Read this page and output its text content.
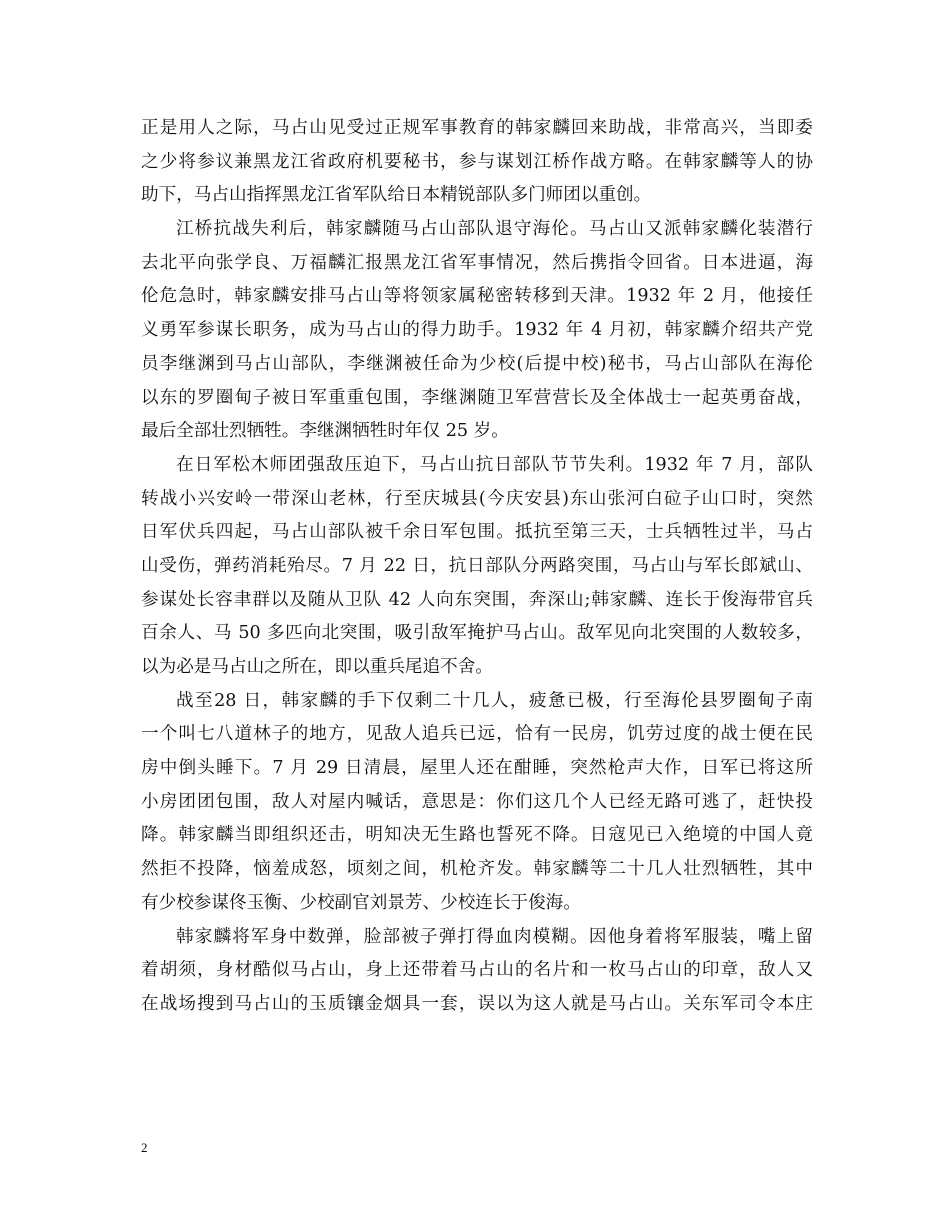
正是用人之际，马占山见受过正规军事教育的韩家麟回来助战，非常高兴，当即委
之少将参议兼黑龙江省政府机要秘书，参与谋划江桥作战方略。在韩家麟等人的协
助下，马占山指挥黑龙江省军队给日本精锐部队多门师团以重创。
江桥抗战失利后，韩家麟随马占山部队退守海伦。马占山又派韩家麟化装潜行
去北平向张学良、万福麟汇报黑龙江省军事情况，然后携指令回省。日本进逼，海
伦危急时，韩家麟安排马占山等将领家属秘密转移到天津。1932 年 2 月，他接任
义勇军参谋长职务，成为马占山的得力助手。1932 年 4 月初，韩家麟介绍共产党
员李继渊到马占山部队，李继渊被任命为少校(后提中校)秘书，马占山部队在海伦
以东的罗圈甸子被日军重重包围，李继渊随卫军营营长及全体战士一起英勇奋战，
最后全部壮烈牺牲。李继渊牺牲时年仅 25 岁。
在日军松木师团强敌压迫下，马占山抗日部队节节失利。1932 年 7 月，部队
转战小兴安岭一带深山老林，行至庆城县(今庆安县)东山张河白砬子山口时，突然
日军伏兵四起，马占山部队被千余日军包围。抵抗至第三天，士兵牺牲过半，马占
山受伤，弹药消耗殆尽。7 月 22 日，抗日部队分两路突围，马占山与军长郎斌山、
参谋处长容聿群以及随从卫队 42 人向东突围，奔深山;韩家麟、连长于俊海带官兵
百余人、马 50 多匹向北突围，吸引敌军掩护马占山。敌军见向北突围的人数较多，
以为必是马占山之所在，即以重兵尾追不舍。
战至28 日，韩家麟的手下仅剩二十几人，疲惫已极，行至海伦县罗圈甸子南
一个叫七八道林子的地方，见敌人追兵已远，恰有一民房，饥劳过度的战士便在民
房中倒头睡下。7 月 29 日清晨，屋里人还在酣睡，突然枪声大作，日军已将这所
小房团团包围，敌人对屋内喊话，意思是：你们这几个人已经无路可逃了，赶快投
降。韩家麟当即组织还击，明知决无生路也誓死不降。日寇见已入绝境的中国人竟
然拒不投降，恼羞成怒，顷刻之间，机枪齐发。韩家麟等二十几人壮烈牺牲，其中
有少校参谋佟玉衡、少校副官刘景芳、少校连长于俊海。
韩家麟将军身中数弹，脸部被子弹打得血肉模糊。因他身着将军服装，嘴上留
着胡须，身材酷似马占山，身上还带着马占山的名片和一枚马占山的印章，敌人又
在战场搜到马占山的玉质镶金烟具一套，误以为这人就是马占山。关东军司令本庄
2
